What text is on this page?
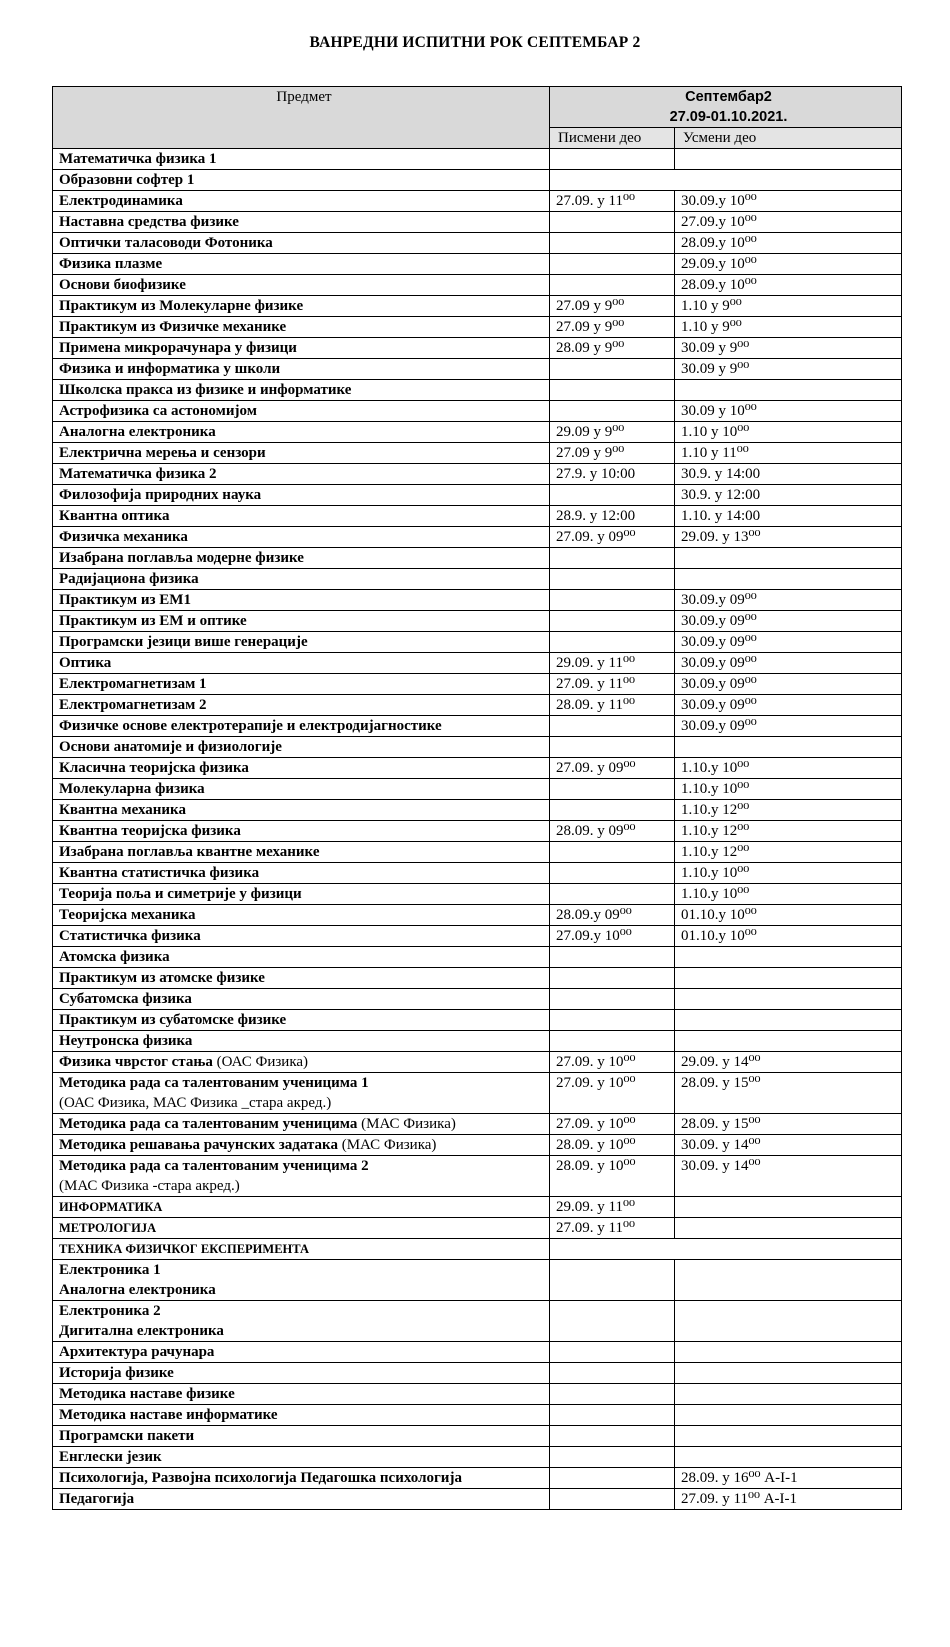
ВАНРЕДНИ ИСПИТНИ РОК СЕПТЕМБАР 2
Предмет	Септембар2
27.09-01.10.2021.	

	Писмени део	Усмени део
Математичка физика 1		
Образовни софтер 1		
Електродинамика	27.09. у 11⁰⁰	30.09.у 10⁰⁰
Наставна средства физике		27.09.у 10⁰⁰
Оптички таласоводи Фотоника		28.09.у 10⁰⁰
Физика плазме		29.09.у 10⁰⁰
Основи биофизике		28.09.у 10⁰⁰
Практикум из Молекуларне физике	27.09 у 9⁰⁰	1.10 у 9⁰⁰
Практикум из Физичке механике	27.09 у 9⁰⁰	1.10 у 9⁰⁰
Примена микрорачунара у физици	28.09 у 9⁰⁰	30.09 у 9⁰⁰
Физика и информатика у школи		30.09 у 9⁰⁰
Школска пракса из физике и информатике		
Астрофизика са астономијом		30.09 у 10⁰⁰
Аналогна електроника	29.09 у 9⁰⁰	1.10 у 10⁰⁰
Електрична мерења и сензори	27.09 у 9⁰⁰	1.10 у 11⁰⁰
Математичка физика 2	27.9. у 10:00	30.9. у 14:00
Филозофија природних наука		30.9. у 12:00
Квантна оптика	28.9. у 12:00	1.10. у 14:00
Физичка механика	27.09. у 09⁰⁰	29.09. у 13⁰⁰
Изабрана поглавља модерне физике		
Радијациона физика		
Практикум из ЕМ1		30.09.у 09⁰⁰
Практикум из ЕМ и оптике		30.09.у 09⁰⁰
Програмски језици више генерације		30.09.у 09⁰⁰
Оптика	29.09. у 11⁰⁰	30.09.у 09⁰⁰
Електромагнетизам 1	27.09. у 11⁰⁰	30.09.у 09⁰⁰
Електромагнетизам 2	28.09. у 11⁰⁰	30.09.у 09⁰⁰
Физичке основе електротерапије и електродијагностике		30.09.у 09⁰⁰
Основи анатомије и физиологије		
Класична теоријска физика	27.09. у 09⁰⁰	1.10.у 10⁰⁰
Молекуларна физика		1.10.у 10⁰⁰
Квантна механика		1.10.у 12⁰⁰
Квантна теоријска физика	28.09. у 09⁰⁰	1.10.у 12⁰⁰
Изабрана поглавља квантне механике		1.10.у 12⁰⁰
Квантна статистичка физика		1.10.у 10⁰⁰
Теорија поља и симетрије у физици		1.10.у 10⁰⁰
Теоријска механика	28.09.у 09⁰⁰	01.10.у 10⁰⁰
Статистичка физика	27.09.у 10⁰⁰	01.10.у 10⁰⁰
Атомска физика		
Практикум из атомске физике		
Субатомска физика		
Практикум из субатомске физике		
Неутронска физика		
Физика чврстог стања (ОАС Физика)	27.09. у 10⁰⁰	29.09. у 14⁰⁰
Методика рада са талентованим ученицима 1
(ОАС Физика, МАС Физика _стара акред.)	27.09. у 10⁰⁰	28.09. у 15⁰⁰
Методика рада са талентованим ученицима (МАС Физика)	27.09. у 10⁰⁰	28.09. у 15⁰⁰
Методика решавања рачунских задатака (МАС Физика)	28.09. у 10⁰⁰	30.09. у 14⁰⁰
Методика рада са талентованим ученицима 2
(МАС Физика -стара акред.)	28.09. у 10⁰⁰	30.09. у 14⁰⁰
ИНФОРМАТИКА	29.09. у 11⁰⁰	
МЕТРОЛОГИЈА	27.09. у 11⁰⁰	
ТЕХНИКА ФИЗИЧКОГ ЕКСПЕРИМЕНТА		
Електроника 1
Аналогна електроника		
Електроника 2
Дигитална електроника		
Архитектура рачунара		
Историја физике		
Методика наставе физике		
Методика наставе информатике		
Програмски пакети		
Енглески језик		
Психологија, Развојна психологија Педагошка психологија		28.09. у 16⁰⁰ А-I-1
Педагогија		27.09. у 11⁰⁰ А-I-1
